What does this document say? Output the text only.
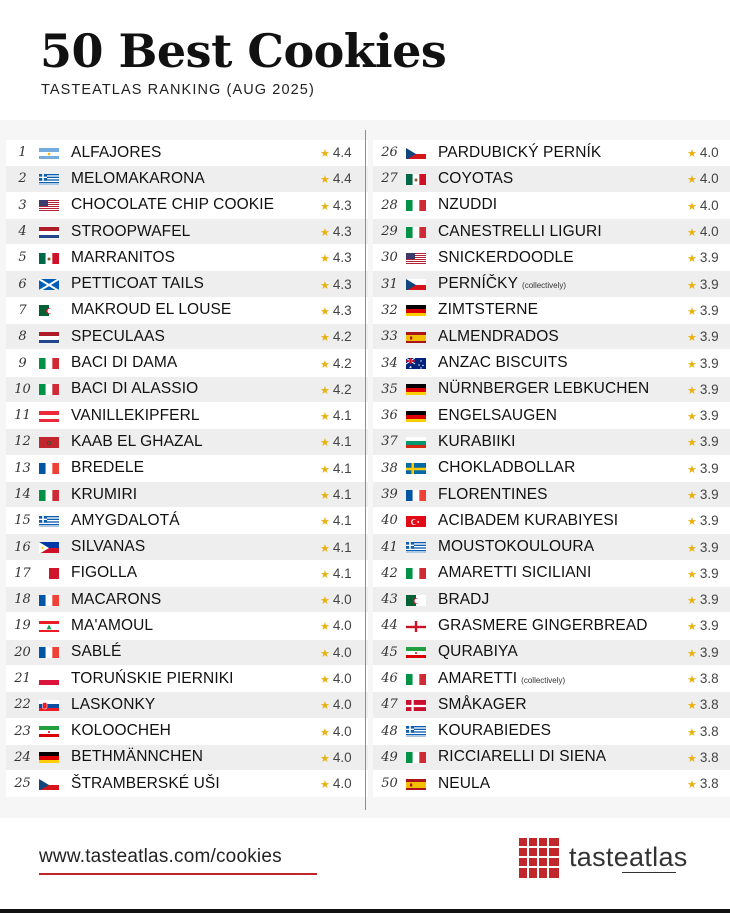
50 Best Cookies
TASTEATLAS RANKING (AUG 2025)
1	ALFAJORES	★ 4.4
2	MELOMAKARONA	★ 4.4
3	CHOCOLATE CHIP COOKIE	★ 4.3
4	STROOPWAFEL	★ 4.3
5	MARRANITOS	★ 4.3
6	PETTICOAT TAILS	★ 4.3
7	MAKROUD EL LOUSE	★ 4.3
8	SPECULAAS	★ 4.2
9	BACI DI DAMA	★ 4.2
10	BACI DI ALASSIO	★ 4.2
11	VANILLEKIPFERL	★ 4.1
12	KAAB EL GHAZAL	★ 4.1
13	BREDELE	★ 4.1
14	KRUMIRI	★ 4.1
15	AMYGDALOTÁ	★ 4.1
16	SILVANAS	★ 4.1
17	FIGOLLA	★ 4.1
18	MACARONS	★ 4.0
19	MA'AMOUL	★ 4.0
20	SABLÉ	★ 4.0
21	TORUŃSKIE PIERNIKI	★ 4.0
22	LASKONKY	★ 4.0
23	KOLOOCHEH	★ 4.0
24	BETHMÄNNCHEN	★ 4.0
25	ŠTRAMBERSKÉ UŠI	★ 4.0
26	PARDUBICKÝ PERNÍK	★ 4.0
27	COYOTAS	★ 4.0
28	NZUDDI	★ 4.0
29	CANESTRELLI LIGURI	★ 4.0
30	SNICKERDOODLE	★ 3.9
31	PERNÍČKY (collectively)	★ 3.9
32	ZIMTSTERNE	★ 3.9
33	ALMENDRADOS	★ 3.9
34	ANZAC BISCUITS	★ 3.9
35	NÜRNBERGER LEBKUCHEN	★ 3.9
36	ENGELSAUGEN	★ 3.9
37	KURABIIKI	★ 3.9
38	CHOKLADBOLLAR	★ 3.9
39	FLORENTINES	★ 3.9
40	ACIBADEM KURABIYESI	★ 3.9
41	MOUSTOKOULOURA	★ 3.9
42	AMARETTI SICILIANI	★ 3.9
43	BRADJ	★ 3.9
44	GRASMERE GINGERBREAD	★ 3.9
45	QURABIYA	★ 3.9
46	AMARETTI (collectively)	★ 3.8
47	SMÅKAGER	★ 3.8
48	KOURABIEDES	★ 3.8
49	RICCIARELLI DI SIENA	★ 3.8
50	NEULA	★ 3.8
www.tasteatlas.com/cookies	tasteatlas
